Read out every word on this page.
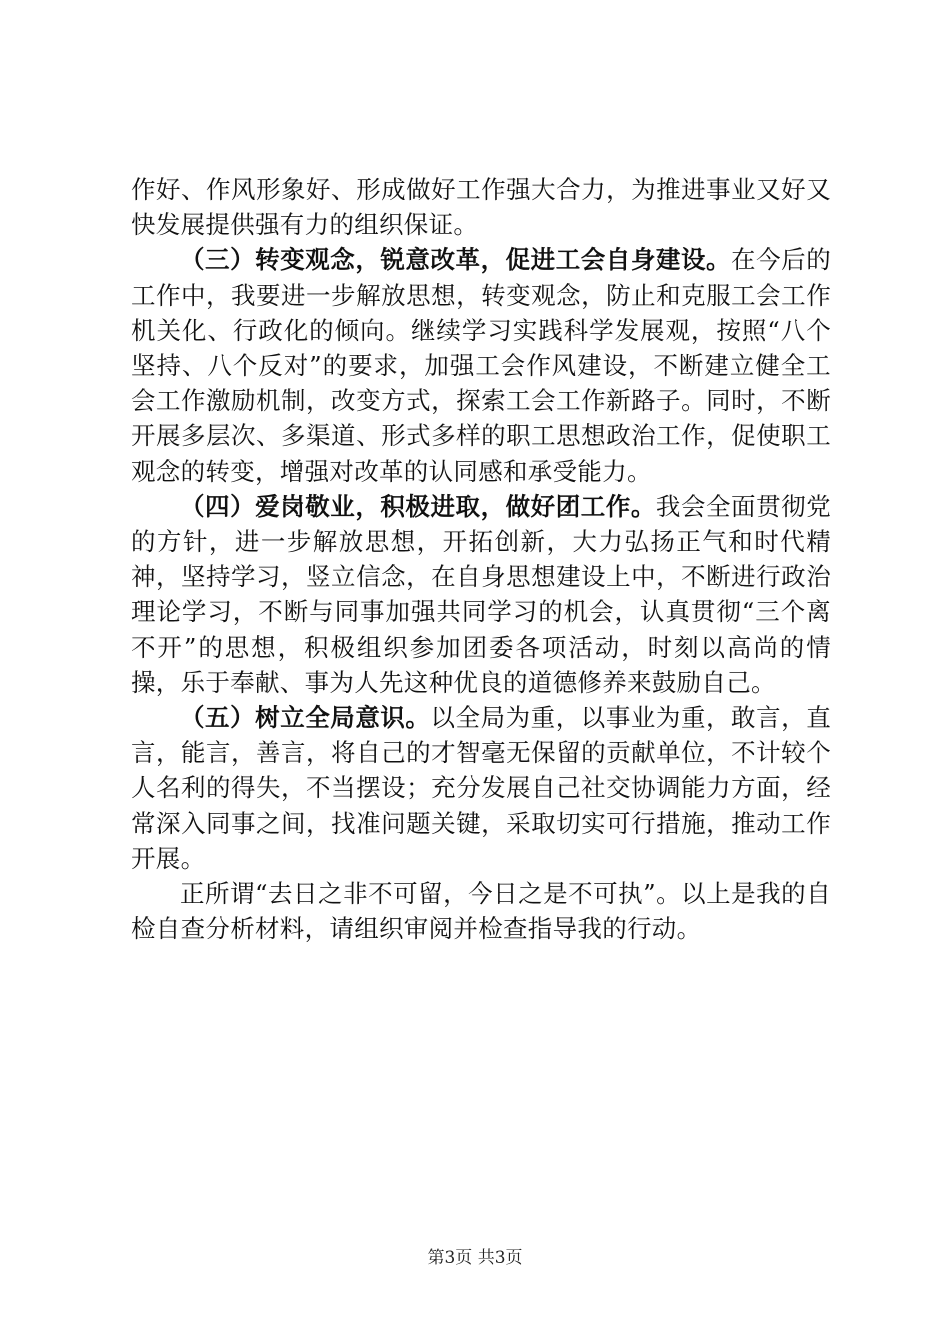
作好、作风形象好、形成做好工作强大合力，为推进事业又好又快发展提供强有力的组织保证。

（三）转变观念，锐意改革，促进工会自身建设。在今后的工作中，我要进一步解放思想，转变观念，防止和克服工会工作机关化、行政化的倾向。继续学习实践科学发展观，按照“八个坚持、八个反对”的要求，加强工会作风建设，不断建立健全工会工作激励机制，改变方式，探索工会工作新路子。同时，不断开展多层次、多渠道、形式多样的职工思想政治工作，促使职工观念的转变，增强对改革的认同感和承受能力。

（四）爱岗敬业，积极进取，做好团工作。我会全面贯彻党的方针，进一步解放思想，开拓创新，大力弘扬正气和时代精神，坚持学习，竖立信念，在自身思想建设上中，不断进行政治理论学习，不断与同事加强共同学习的机会，认真贯彻“三个离不开”的思想，积极组织参加团委各项活动，时刻以高尚的情操，乐于奉献、事为人先这种优良的道德修养来鼓励自己。

（五）树立全局意识。以全局为重，以事业为重，敢言，直言，能言，善言，将自己的才智毫无保留的贡献单位，不计较个人名利的得失，不当摆设；充分发展自己社交协调能力方面，经常深入同事之间，找准问题关键，采取切实可行措施，推动工作开展。

正所谓“去日之非不可留，今日之是不可执”。以上是我的自检自查分析材料，请组织审阅并检查指导我的行动。

第3页 共3页
